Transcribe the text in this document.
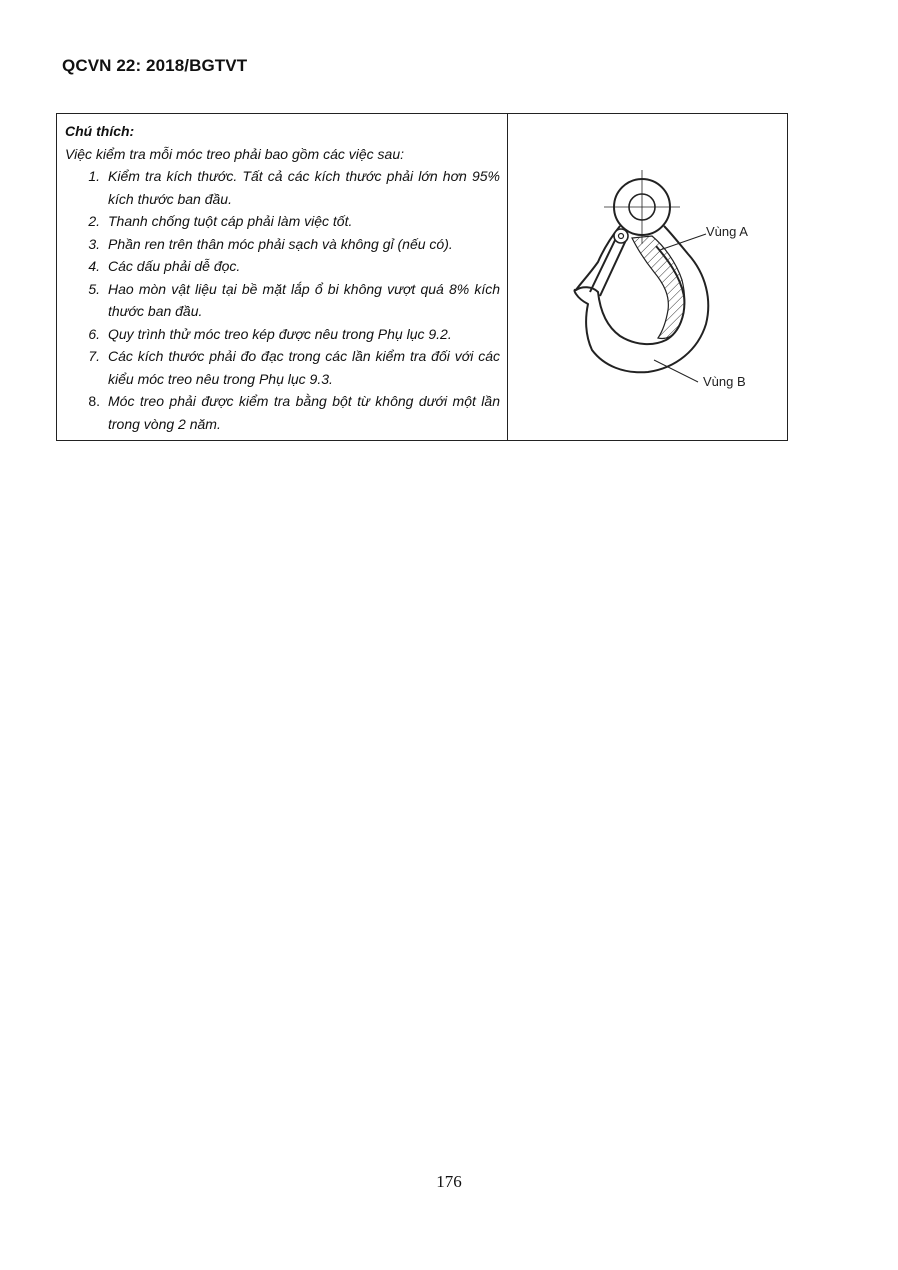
QCVN 22: 2018/BGTVT
Chú thích:

Việc kiểm tra mỗi móc treo phải bao gồm các việc sau:

1. Kiểm tra kích thước. Tất cả các kích thước phải lớn hơn 95% kích thước ban đầu.
2. Thanh chống tuột cáp phải làm việc tốt.
3. Phần ren trên thân móc phải sạch và không gỉ (nếu có).
4. Các dấu phải dễ đọc.
5. Hao mòn vật liệu tại bề mặt lắp ổ bi không vượt quá 8% kích thước ban đầu.
6. Quy trình thử móc treo kép được nêu trong Phụ lục 9.2.
7. Các kích thước phải đo đạc trong các lần kiểm tra đối với các kiểu móc treo nêu trong Phụ lục 9.3.
8. Móc treo phải được kiểm tra bằng bột từ không dưới một lần trong vòng 2 năm.
Vùng A
Vùng B
176
